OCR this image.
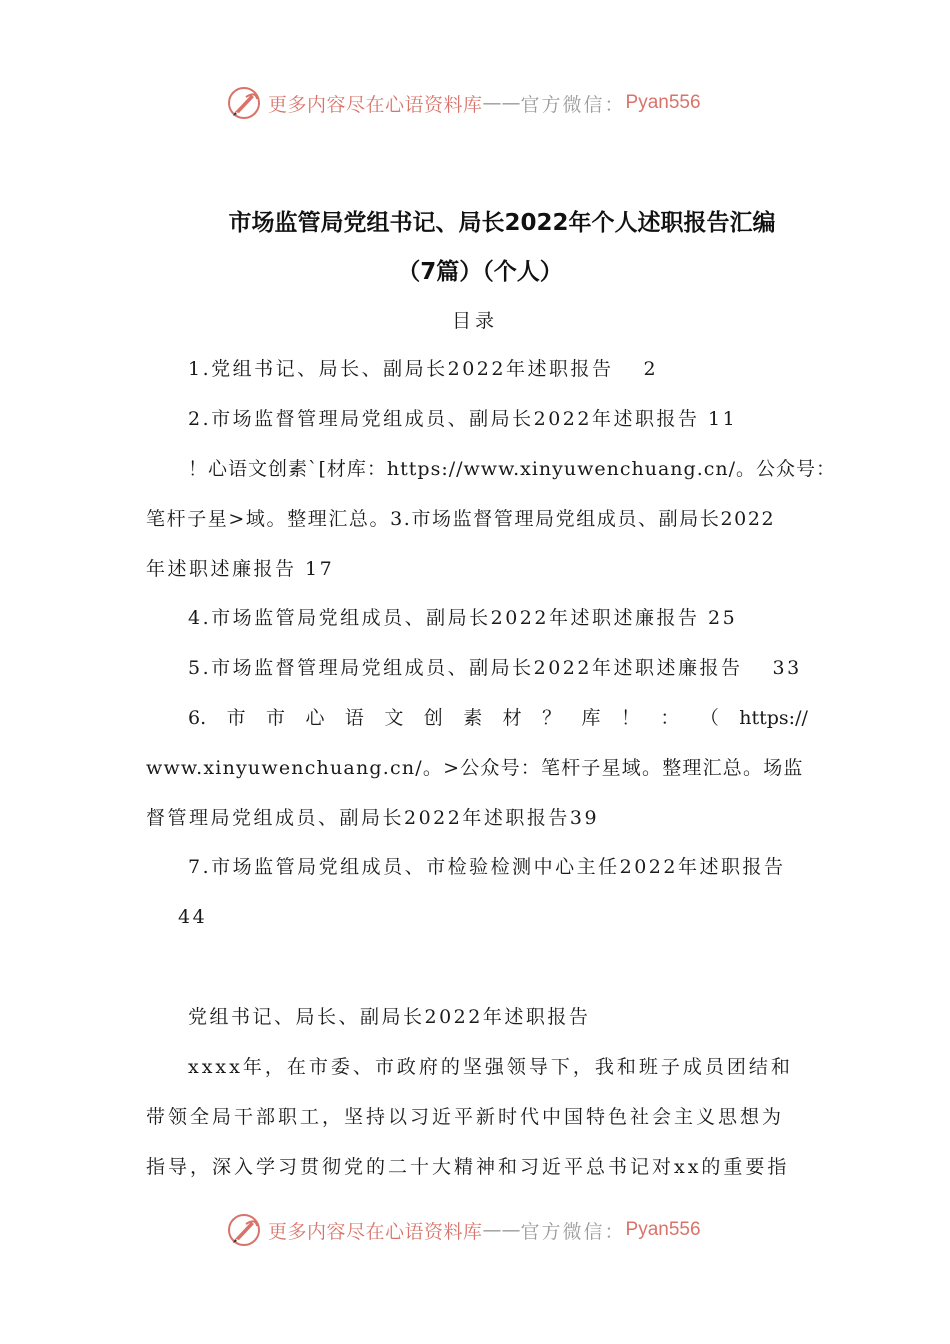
更多内容尽在心语资料库 —— 官方微信： Pyan556
市场监管局党组书记、局长2022年个人述职报告汇编
（7篇）（个人）
目录
1.党组书记、局长、副局长2022年述职报告　 2
2.市场监督管理局党组成员、副局长2022年述职报告 11
！心语文创素`[材库：https://www.xinyuwenchuang.cn/。公众号：
笔杆子星>域。整理汇总。3.市场监督管理局党组成员、副局长2022
年述职述廉报告 17
4.市场监管局党组成员、副局长2022年述职述廉报告 25
5.市场监督管理局党组成员、副局长2022年述职述廉报告　 33
6. 市 市 心 语 文 创 素 材 ？ 库 ！ ： （ https://
www.xinyuwenchuang.cn/。>公众号：笔杆子星域。整理汇总。场监
督管理局党组成员、副局长2022年述职报告39
7.市场监管局党组成员、市检验检测中心主任2022年述职报告
44
党组书记、局长、副局长2022年述职报告
xxxx年，在市委、市政府的坚强领导下，我和班子成员团结和
带领全局干部职工，坚持以习近平新时代中国特色社会主义思想为
指导，深入学习贯彻党的二十大精神和习近平总书记对xx的重要指
更多内容尽在心语资料库 —— 官方微信： Pyan556
